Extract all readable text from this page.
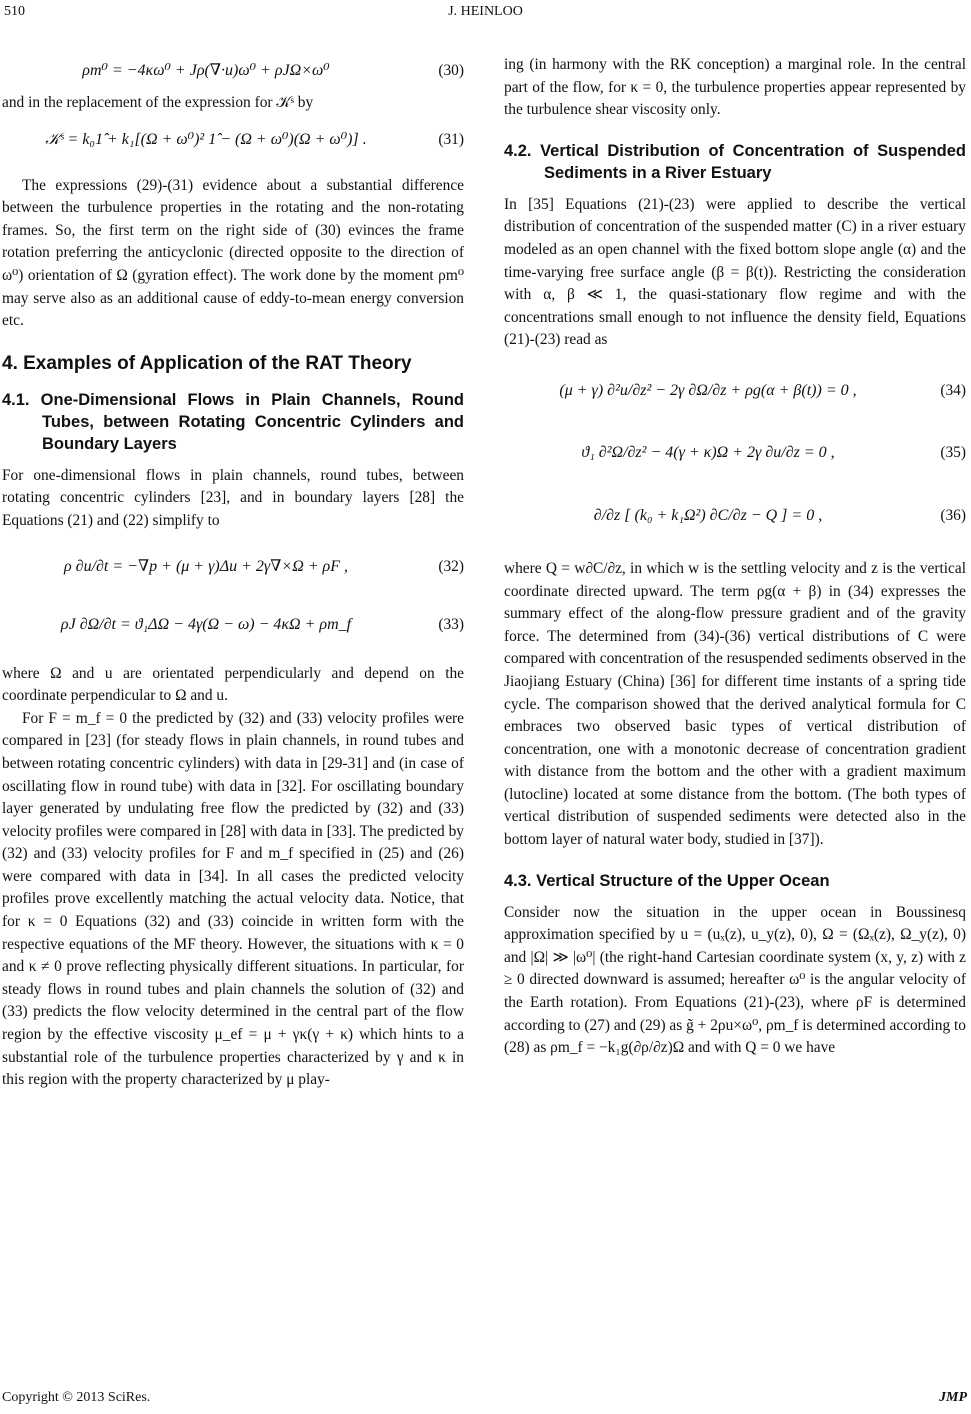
510	J. HEINLOO
ρm⁰ = −4κω⁰ + Jρ(∇·u)ω⁰ + ρJΩ×ω⁰	(30)

and in the replacement of the expression for 𝒦ˢ by

𝒦ˢ = k₀1̂ + k₁[(Ω + ω⁰)² 1̂ − (Ω + ω⁰)(Ω + ω⁰)] .	(31)

The expressions (29)-(31) evidence about a substantial difference between the turbulence properties in the rotating and the non-rotating frames. So, the first term on the right side of (30) evinces the frame rotation preferring the anticyclonic (directed opposite to the direction of ω⁰) orientation of Ω (gyration effect). The work done by the moment ρm⁰ may serve also as an additional cause of eddy-to-mean energy conversion etc.

4. Examples of Application of the RAT Theory
4.1. One-Dimensional Flows in Plain Channels, Round Tubes, between Rotating Concentric Cylinders and Boundary Layers

For one-dimensional flows in plain channels, round tubes, between rotating concentric cylinders [23], and in boundary layers [28] the Equations (21) and (22) simplify to

ρ ∂u/∂t = −∇p + (μ + γ)Δu + 2γ∇×Ω + ρF ,	(32)
ρJ ∂Ω/∂t = ϑ₁ΔΩ − 4γ(Ω − ω) − 4κΩ + ρm_f	(33)

where Ω and u are orientated perpendicularly and depend on the coordinate perpendicular to Ω and u.

For F = m_f = 0 the predicted by (32) and (33) velocity profiles were compared in [23] (for steady flows in plain channels, in round tubes and between rotating concentric cylinders) with data in [29-31] and (in case of oscillating flow in round tube) with data in [32]. For oscillating boundary layer generated by undulating free flow the predicted by (32) and (33) velocity profiles were compared in [28] with data in [33]. The predicted by (32) and (33) velocity profiles for F and m_f specified in (25) and (26) were compared with data in [34]. In all cases the predicted velocity profiles prove excellently matching the actual velocity data. Notice, that for κ = 0 Equations (32) and (33) coincide in written form with the respective equations of the MF theory. However, the situations with κ = 0 and κ ≠ 0 prove reflecting physically different situations. In particular, for steady flows in round tubes and plain channels the solution of (32) and (33) predicts the flow velocity determined in the central part of the flow region by the effective viscosity μ_ef = μ + γκ(γ + κ) which hints to a substantial role of the turbulence properties characterized by γ and κ in this region with the property characterized by μ play-

ing (in harmony with the RK conception) a marginal role. In the central part of the flow, for κ = 0, the turbulence properties appear represented by the turbulence shear viscosity only.

4.2. Vertical Distribution of Concentration of Suspended Sediments in a River Estuary

In [35] Equations (21)-(23) were applied to describe the vertical distribution of concentration of the suspended matter (C) in a river estuary modeled as an open channel with the fixed bottom slope angle (α) and the time-varying free surface angle (β = β(t)). Restricting the consideration with α, β ≪ 1, the quasi-stationary flow regime and with the concentrations small enough to not influence the density field, Equations (21)-(23) read as

(μ + γ) ∂²u/∂z² − 2γ ∂Ω/∂z + ρg(α + β(t)) = 0 ,	(34)
ϑ₁ ∂²Ω/∂z² − 4(γ + κ)Ω + 2γ ∂u/∂z = 0 ,	(35)
∂/∂z [ (k₀ + k₁Ω²) ∂C/∂z − Q ] = 0 ,	(36)

where Q = w∂C/∂z, in which w is the settling velocity and z is the vertical coordinate directed upward. The term ρg(α + β) in (34) expresses the summary effect of the along-flow pressure gradient and of the gravity force. The determined from (34)-(36) vertical distributions of C were compared with concentration of the resuspended sediments observed in the Jiaojiang Estuary (China) [36] for different time instants of a spring tide cycle. The comparison showed that the derived analytical formula for C embraces two observed basic types of vertical distribution of concentration, one with a monotonic decrease of concentration gradient with distance from the bottom and the other with a gradient maximum (lutocline) located at some distance from the bottom. (The both types of vertical distribution of suspended sediments were detected also in the bottom layer of natural water body, studied in [37]).

4.3. Vertical Structure of the Upper Ocean

Consider now the situation in the upper ocean in Boussinesq approximation specified by u = (uₓ(z), u_y(z), 0), Ω = (Ωₓ(z), Ω_y(z), 0) and |Ω| ≫ |ω⁰| (the right-hand Cartesian coordinate system (x, y, z) with z ≥ 0 directed downward is assumed; hereafter ω⁰ is the angular velocity of the Earth rotation). From Equations (21)-(23), where ρF is determined according to (27) and (29) as g̃ + 2ρu×ω⁰, ρm_f is determined according to (28) as ρm_f = −k₁g(∂ρ/∂z)Ω and with Q = 0 we have

Copyright © 2013 SciRes.	JMP
